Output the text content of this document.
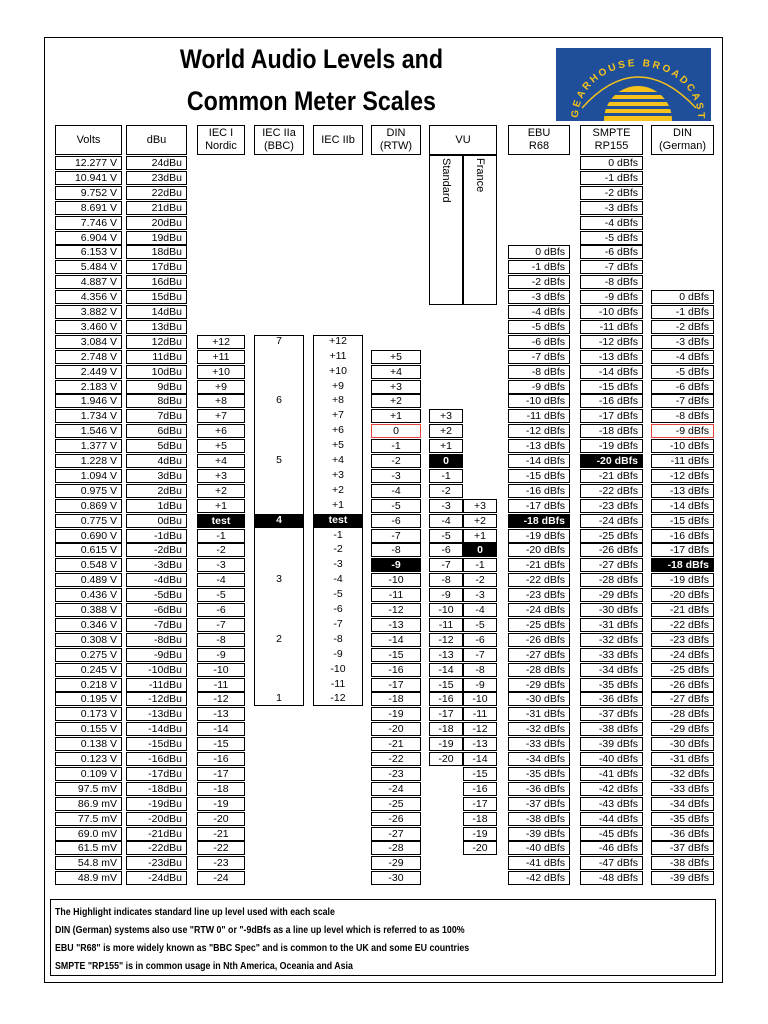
World Audio Levels and
Common Meter Scales	GEARHOUSE BROADCAST
Volts	dBu
IEC I
Nordic
IEC IIa
(BBC)
IEC IIb
DIN
(RTW)
VU
EBU
R68
SMPTE
RP155
DIN
(German)
Standard France
12.277 V
10.941 V
9.752 V
8.691 V
7.746 V
6.904 V
6.153 V
5.484 V
4.887 V
4.356 V
3.882 V
3.460 V
3.084 V
2.748 V
2.449 V
2.183 V
1.946 V
1.734 V
1.546 V
1.377 V
1.228 V
1.094 V
0.975 V
0.869 V
0.775 V
0.690 V
0.615 V
0.548 V
0.489 V
0.436 V
0.388 V
0.346 V
0.308 V
0.275 V
0.245 V
0.218 V
0.195 V
0.173 V
0.155 V
0.138 V
0.123 V
0.109 V
97.5 mV
86.9 mV
77.5 mV
69.0 mV
61.5 mV
54.8 mV
48.9 mV
24dBu
23dBu
22dBu
21dBu
20dBu
19dBu
18dBu
17dBu
16dBu
15dBu
14dBu
13dBu
12dBu
11dBu
10dBu
9dBu
8dBu
7dBu
6dBu
5dBu
4dBu
3dBu
2dBu
1dBu
0dBu
-1dBu
-2dBu
-3dBu
-4dBu
-5dBu
-6dBu
-7dBu
-8dBu
-9dBu
-10dBu
-11dBu
-12dBu
-13dBu
-14dBu
-15dBu
-16dBu
-17dBu
-18dBu
-19dBu
-20dBu
-21dBu
-22dBu
-23dBu
-24dBu
+12
+11
+10
+9
+8
+7
+6
+5
+4
+3
+2
+1
test
-1
-2
-3
-4
-5
-6
-7
-8
-9
-10
-11
-12
-13
-14
-15
-16
-17
-18
-19
-20
-21
-22
-23
-24
7
6
5
4
3
2
1
+12
+11
+10
+9
+8
+7
+6
+5
+4
+3
+2
+1
test
-1
-2
-3
-4
-5
-6
-7
-8
-9
-10
-11
-12
+5
+4
+3
+2
+1
0
-1
-2
-3
-4
-5
-6
-7
-8
-9
-10
-11
-12
-13
-14
-15
-16
-17
-18
-19
-20
-21
-22
-23
-24
-25
-26
-27
-28
-29
-30
+3
+2
+1
0
-1
-2
-3
-4
-5
-6
-7
-8
-9
-10
-11
-12
-13
-14
-15
-16
-17
-18
-19
-20
+3
+2
+1
0
-1
-2
-3
-4
-5
-6
-7
-8
-9
-10
-11
-12
-13
-14
-15
-16
-17
-18
-19
-20
0 dBfs
-1 dBfs
-2 dBfs
-3 dBfs
-4 dBfs
-5 dBfs
-6 dBfs
-7 dBfs
-8 dBfs
-9 dBfs
-10 dBfs
-11 dBfs
-12 dBfs
-13 dBfs
-14 dBfs
-15 dBfs
-16 dBfs
-17 dBfs
-18 dBfs
-19 dBfs
-20 dBfs
-21 dBfs
-22 dBfs
-23 dBfs
-24 dBfs
-25 dBfs
-26 dBfs
-27 dBfs
-28 dBfs
-29 dBfs
-30 dBfs
-31 dBfs
-32 dBfs
-33 dBfs
-34 dBfs
-35 dBfs
-36 dBfs
-37 dBfs
-38 dBfs
-39 dBfs
-40 dBfs
-41 dBfs
-42 dBfs
0 dBfs
-1 dBfs
-2 dBfs
-3 dBfs
-4 dBfs
-5 dBfs
-6 dBfs
-7 dBfs
-8 dBfs
-9 dBfs
-10 dBfs
-11 dBfs
-12 dBfs
-13 dBfs
-14 dBfs
-15 dBfs
-16 dBfs
-17 dBfs
-18 dBfs
-19 dBfs
-20 dBfs
-21 dBfs
-22 dBfs
-23 dBfs
-24 dBfs
-25 dBfs
-26 dBfs
-27 dBfs
-28 dBfs
-29 dBfs
-30 dBfs
-31 dBfs
-32 dBfs
-33 dBfs
-34 dBfs
-35 dBfs
-36 dBfs
-37 dBfs
-38 dBfs
-39 dBfs
-40 dBfs
-41 dBfs
-42 dBfs
-43 dBfs
-44 dBfs
-45 dBfs
-46 dBfs
-47 dBfs
-48 dBfs
0 dBfs
-1 dBfs
-2 dBfs
-3 dBfs
-4 dBfs
-5 dBfs
-6 dBfs
-7 dBfs
-8 dBfs
-9 dBfs
-10 dBfs
-11 dBfs
-12 dBfs
-13 dBfs
-14 dBfs
-15 dBfs
-16 dBfs
-17 dBfs
-18 dBfs
-19 dBfs
-20 dBfs
-21 dBfs
-22 dBfs
-23 dBfs
-24 dBfs
-25 dBfs
-26 dBfs
-27 dBfs
-28 dBfs
-29 dBfs
-30 dBfs
-31 dBfs
-32 dBfs
-33 dBfs
-34 dBfs
-35 dBfs
-36 dBfs
-37 dBfs
-38 dBfs
-39 dBfs
The Highlight indicates standard line up level used with each scale
DIN (German) systems also use "RTW 0" or "-9dBfs as a line up level which is referred to as 100%
EBU "R68" is more widely known as "BBC Spec" and is common to the UK and some EU countries
SMPTE "RP155" is in common usage in Nth America, Oceania and Asia
